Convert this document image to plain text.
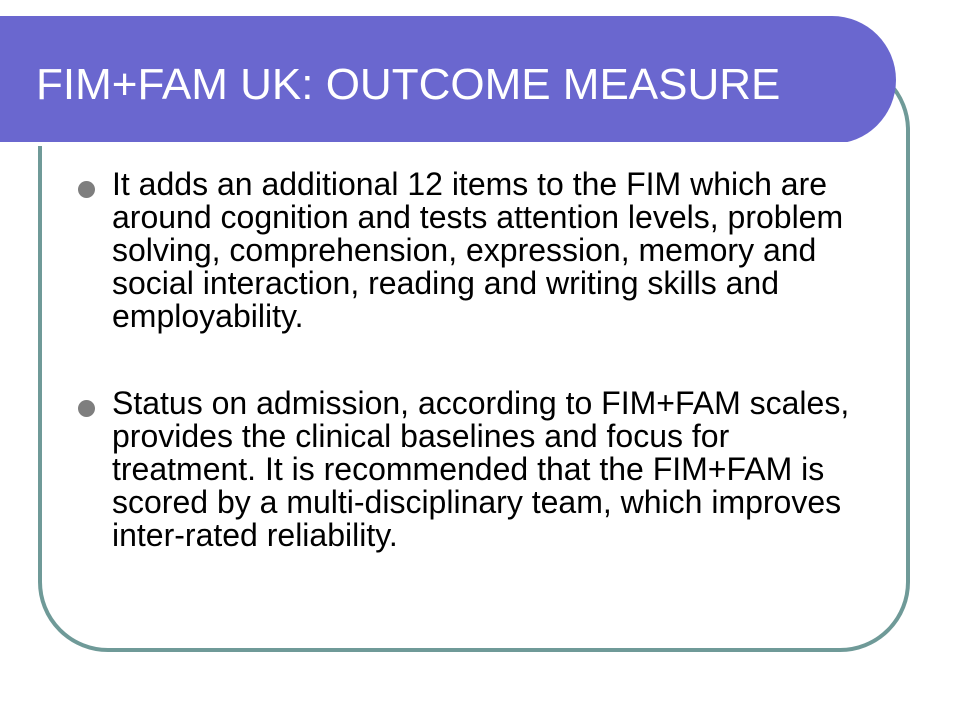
FIM+FAM UK: OUTCOME MEASURE
It adds an additional 12 items to the FIM which are around cognition and tests attention levels, problem solving, comprehension, expression, memory and social interaction, reading and writing skills and employability.
Status on admission, according to FIM+FAM scales, provides the clinical baselines and focus for treatment. It is recommended that the FIM+FAM is scored by a multi-disciplinary team, which improves inter-rated reliability.
